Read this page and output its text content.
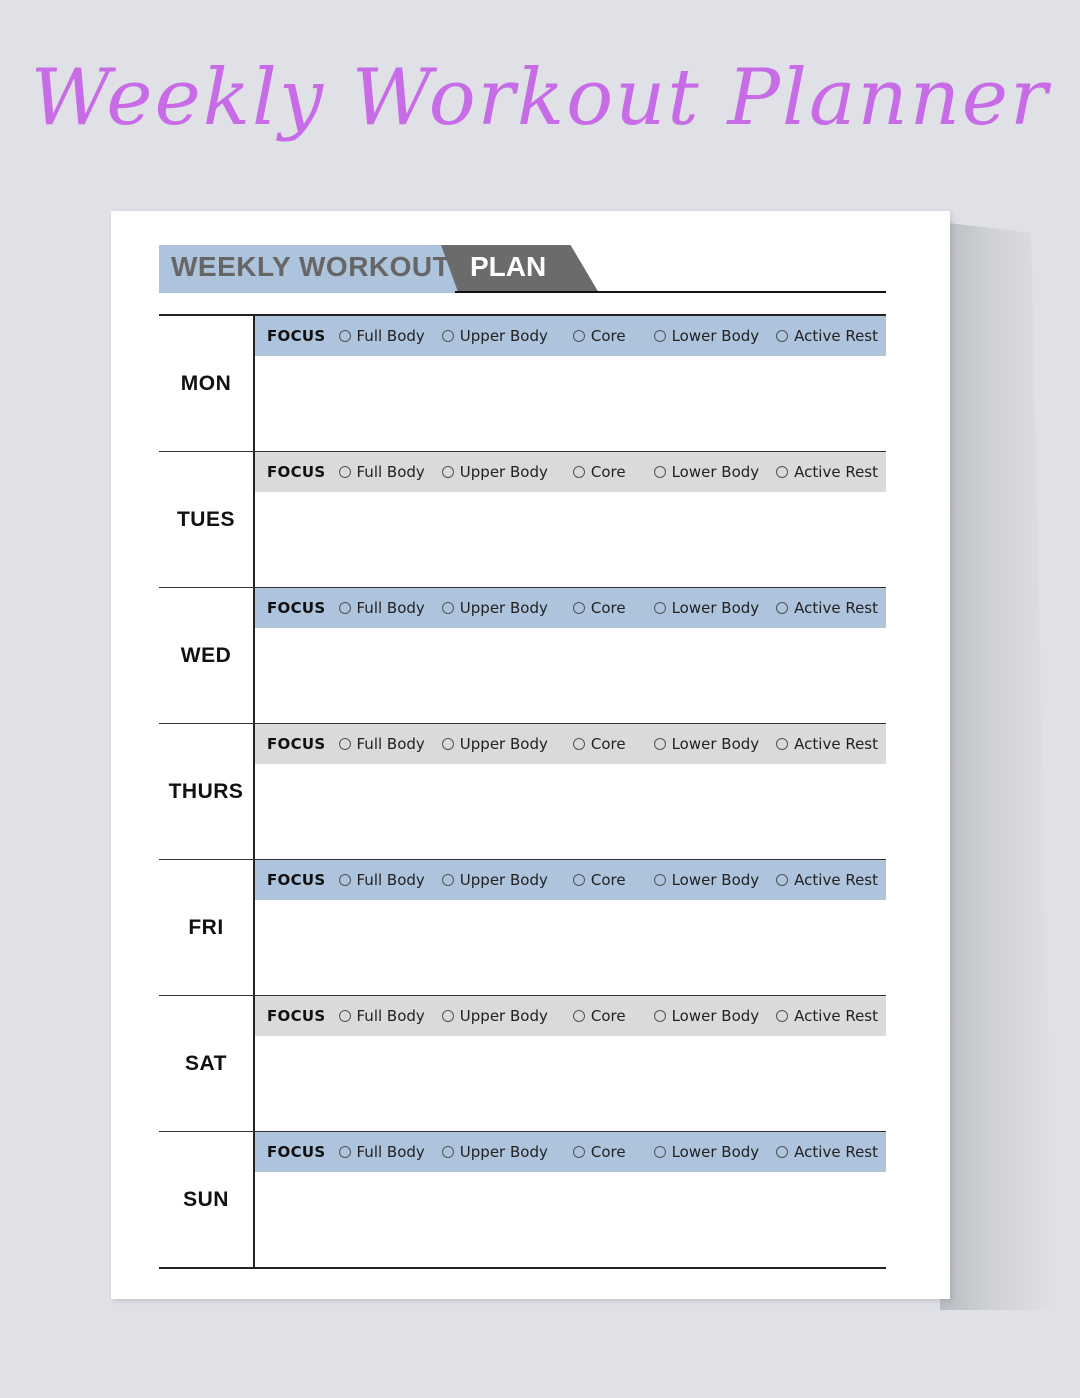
Weekly Workout Planner
WEEKLY WORKOUT PLAN
MON
FOCUS Full Body Upper Body	Core	Lower Body Active Rest
TUES
FOCUS Full Body Upper Body	Core	Lower Body Active Rest
WED
FOCUS Full Body Upper Body	Core	Lower Body Active Rest
THURS
FOCUS Full Body Upper Body	Core	Lower Body Active Rest
FRI
FOCUS Full Body Upper Body	Core	Lower Body Active Rest
SAT
FOCUS Full Body Upper Body	Core	Lower Body Active Rest
SUN
FOCUS Full Body Upper Body	Core	Lower Body Active Rest
